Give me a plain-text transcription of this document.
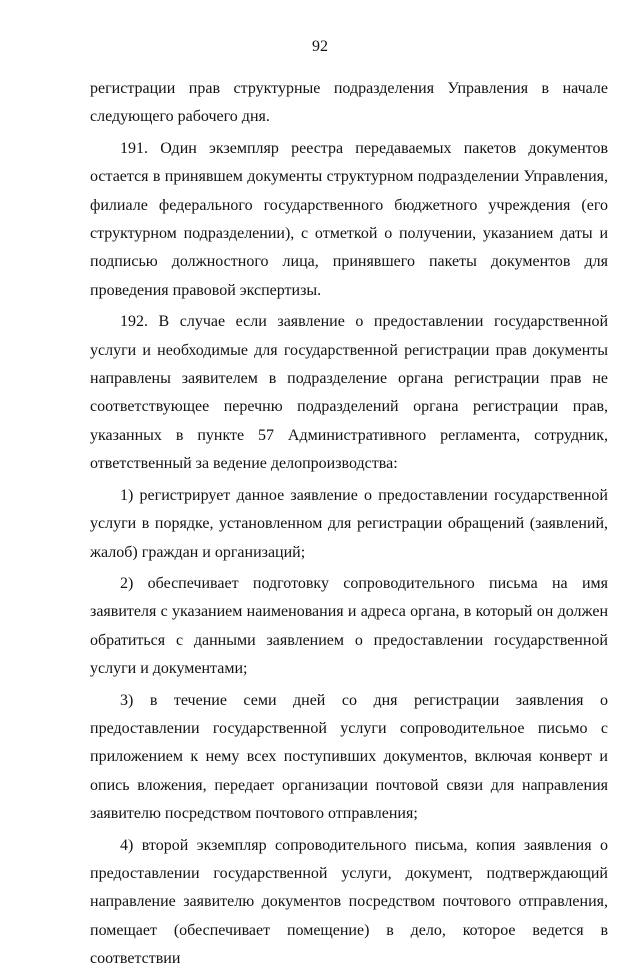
92

регистрации прав структурные подразделения Управления в начале следующего рабочего дня.

191. Один экземпляр реестра передаваемых пакетов документов остается в принявшем документы структурном подразделении Управления, филиале федерального государственного бюджетного учреждения (его структурном подразделении), с отметкой о получении, указанием даты и подписью должностного лица, принявшего пакеты документов для проведения правовой экспертизы.

192. В случае если заявление о предоставлении государственной услуги и необходимые для государственной регистрации прав документы направлены заявителем в подразделение органа регистрации прав не соответствующее перечню подразделений органа регистрации прав, указанных в пункте 57 Административного регламента, сотрудник, ответственный за ведение делопроизводства:

1) регистрирует данное заявление о предоставлении государственной услуги в порядке, установленном для регистрации обращений (заявлений, жалоб) граждан и организаций;

2) обеспечивает подготовку сопроводительного письма на имя заявителя с указанием наименования и адреса органа, в который он должен обратиться с данными заявлением о предоставлении государственной услуги и документами;

3) в течение семи дней со дня регистрации заявления о предоставлении государственной услуги сопроводительное письмо с приложением к нему всех поступивших документов, включая конверт и опись вложения, передает организации почтовой связи для направления заявителю посредством почтового отправления;

4) второй экземпляр сопроводительного письма, копия заявления о предоставлении государственной услуги, документ, подтверждающий направление заявителю документов посредством почтового отправления, помещает (обеспечивает помещение) в дело, которое ведется в соответствии
